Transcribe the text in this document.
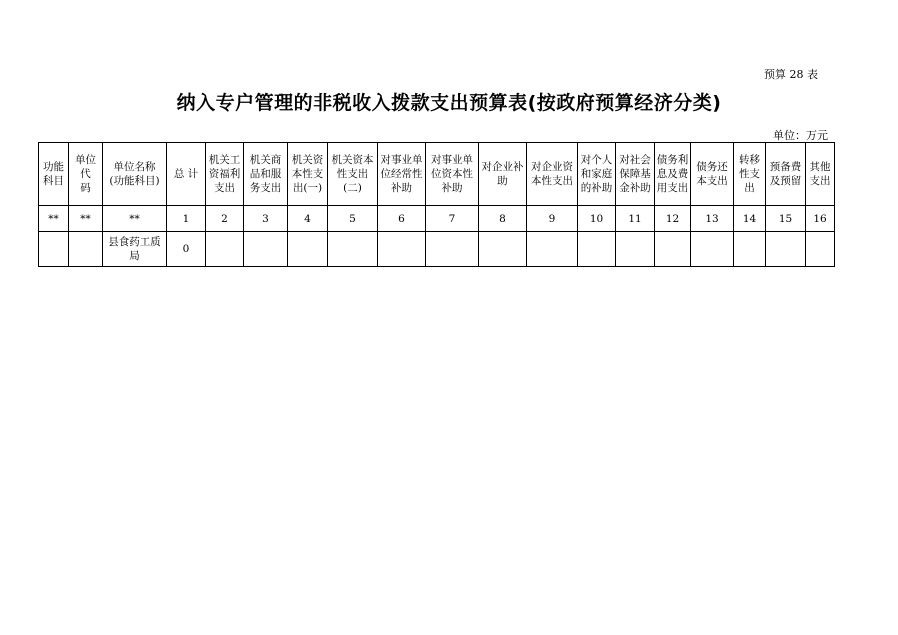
预算 28 表
纳入专户管理的非税收入拨款支出预算表(按政府预算经济分类)
单位：万元
功能
科目	单位代
码	单位名称
(功能科目)	总 计	机关工
资福利
支出	机关商
品和服
务支出	机关资
本性支
出(一)	机关资本
性支出
(二)	对事业单
位经常性
补助	对事业单
位资本性
补助	对企业补
助	对企业资
本性支出	对个人
和家庭
的补助	对社会
保障基
金补助	债务利
息及费
用支出	债务还
本支出	转移
性支
出	预备费
及预留	其他
支出
**	**	**	1	2	3	4	5	6	7	8	9	10	11	12	13	14	15	16
		县食药工质
局	0															
